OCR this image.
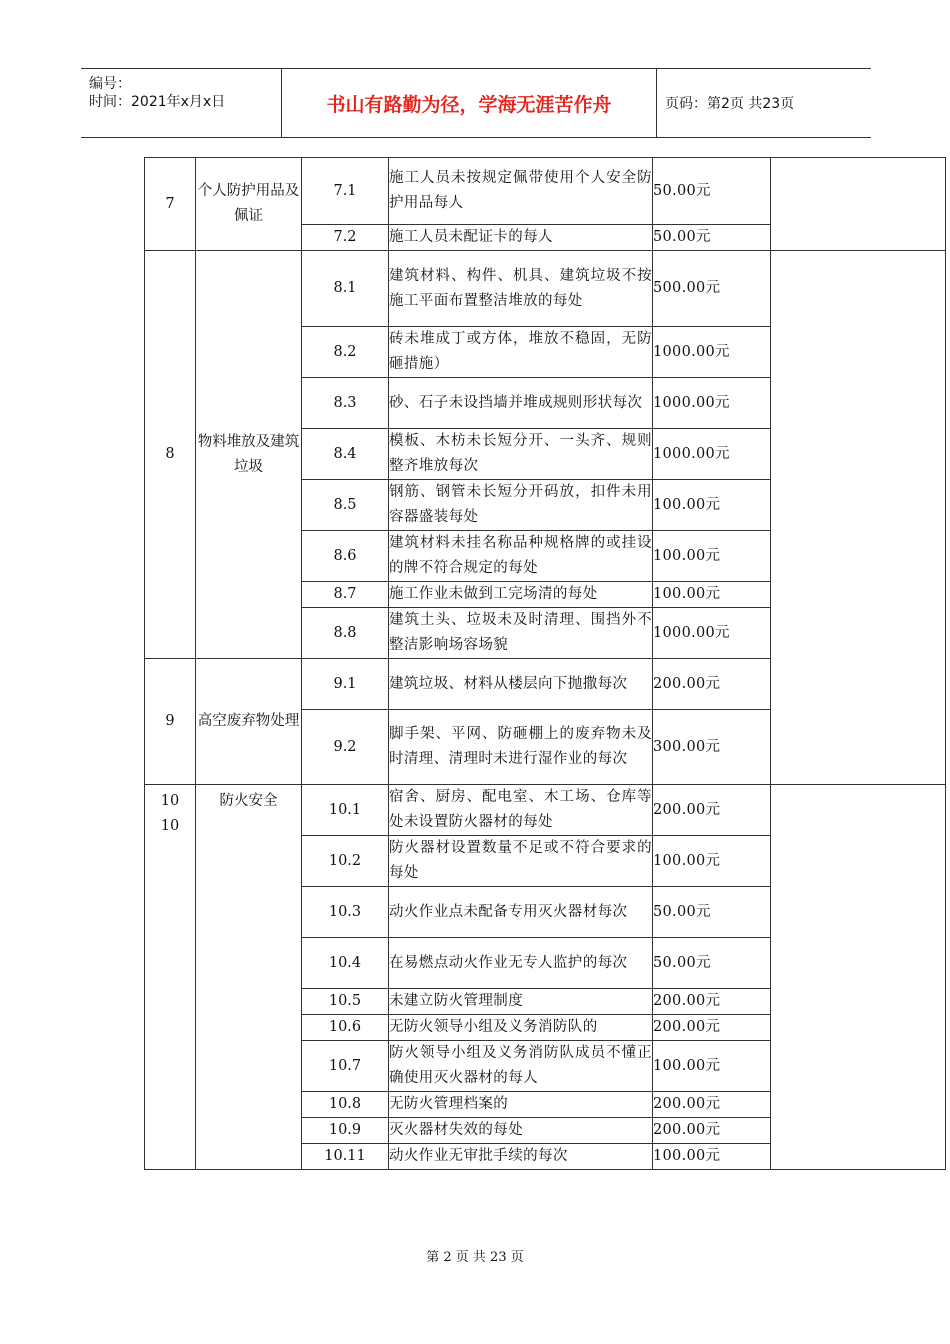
编号：
时间：2021年x月x日	书山有路勤为径，学海无涯苦作舟	页码：第2页 共23页
7	个人防护用品及佩证	7.1	施工人员未按规定佩带使用个人安全防护用品每人	50.00元	
		7.2	施工人员未配证卡的每人	50.00元	
8	物料堆放及建筑垃圾	8.1	建筑材料、构件、机具、建筑垃圾不按施工平面布置整洁堆放的每处	500.00元	
		8.2	砖未堆成丁或方体，堆放不稳固，无防砸措施）	1000.00元	
		8.3	砂、石子未设挡墙并堆成规则形状每次	1000.00元	
		8.4	模板、木枋未长短分开、一头齐、规则整齐堆放每次	1000.00元	
		8.5	钢筋、钢管未长短分开码放，扣件未用容器盛装每处	100.00元	
		8.6	建筑材料未挂名称品种规格牌的或挂设的牌不符合规定的每处	100.00元	
		8.7	施工作业未做到工完场清的每处	100.00元	
		8.8	建筑土头、垃圾未及时清理、围挡外不整洁影响场容场貌	1000.00元	
9	高空废弃物处理	9.1	建筑垃圾、材料从楼层向下抛撒每次	200.00元	
		9.2	脚手架、平网、防砸棚上的废弃物未及时清理、清理时未进行湿作业的每次	300.00元	
10
10	防火安全	10.1	宿舍、厨房、配电室、木工场、仓库等处未设置防火器材的每处	200.00元	
		10.2	防火器材设置数量不足或不符合要求的每处	100.00元	
		10.3	动火作业点未配备专用灭火器材每次	50.00元	
		10.4	在易燃点动火作业无专人监护的每次	50.00元	
		10.5	未建立防火管理制度	200.00元	
		10.6	无防火领导小组及义务消防队的	200.00元	
		10.7	防火领导小组及义务消防队成员不懂正确使用灭火器材的每人	100.00元	
		10.8	无防火管理档案的	200.00元	
		10.9	灭火器材失效的每处	200.00元	
		10.11	动火作业无审批手续的每次	100.00元	
第 2 页 共 23 页
